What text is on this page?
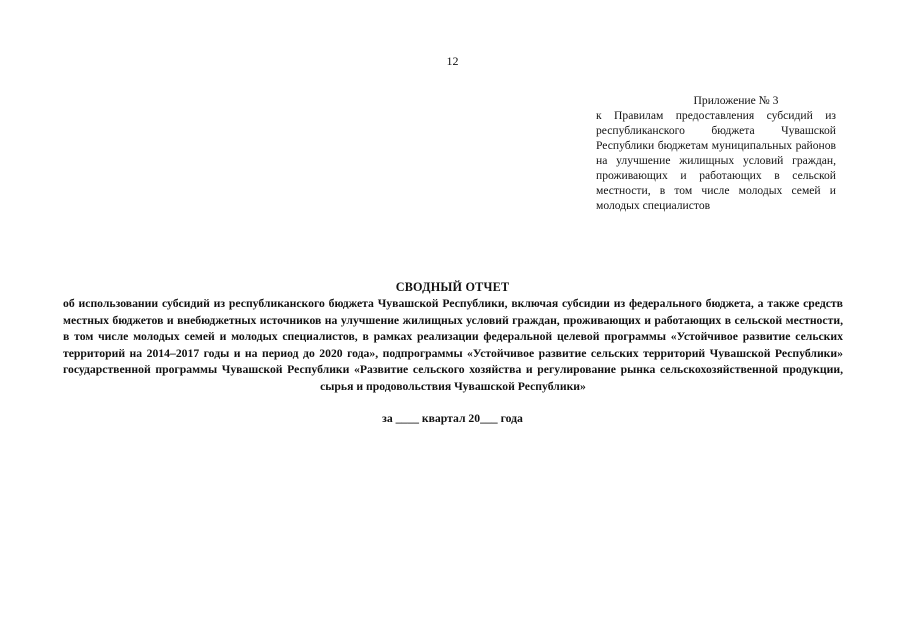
12
Приложение № 3
к Правилам предоставления субсидий из республиканского бюджета Чувашской Республики бюджетам муниципальных районов на улучшение жилищных условий граждан, проживающих и работающих в сельской местности, в том числе молодых семей и молодых специалистов
СВОДНЫЙ ОТЧЕТ
об использовании субсидий из республиканского бюджета Чувашской Республики, включая субсидии из федерального бюджета, а также средств местных бюджетов и внебюджетных источников на улучшение жилищных условий граждан, проживающих и работающих в сельской местности, в том числе молодых семей и молодых специалистов, в рамках реализации федеральной целевой программы «Устойчивое развитие сельских территорий на 2014–2017 годы и на период до 2020 года», подпрограммы «Устойчивое развитие сельских территорий Чувашской Республики» государственной программы Чувашской Республики «Развитие сельского хозяйства и регулирование рынка сельскохозяйственной продукции, сырья и продовольствия Чувашской Республики»
за ____ квартал 20___ года
